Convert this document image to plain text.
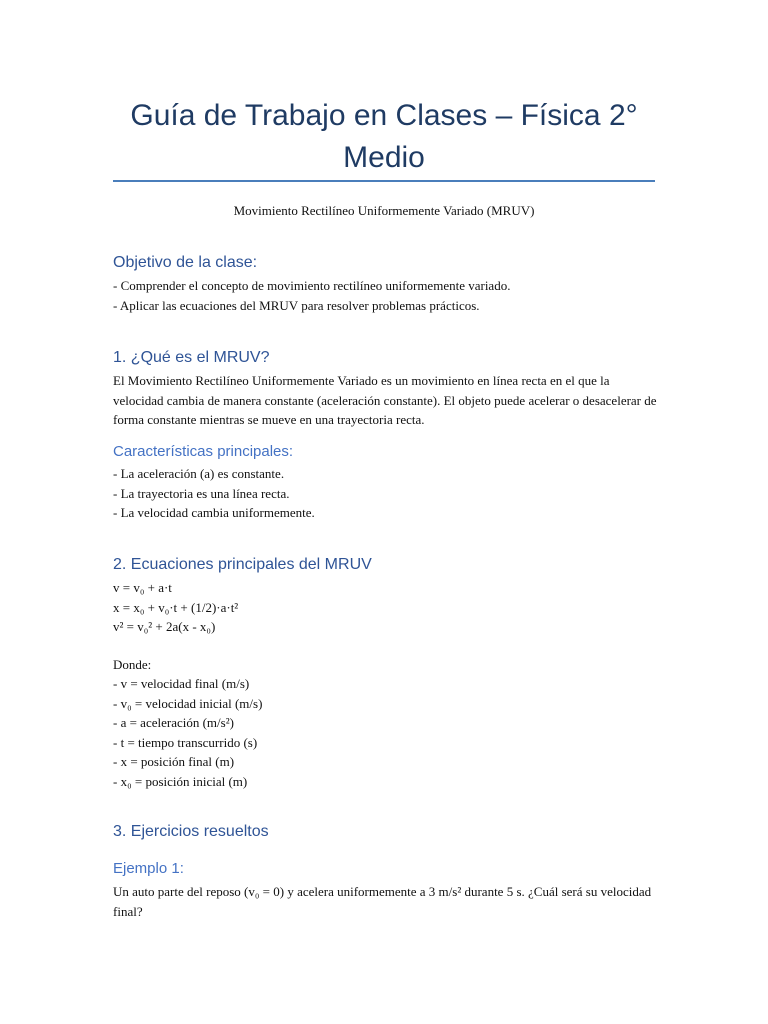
Guía de Trabajo en Clases – Física 2° Medio
Movimiento Rectilíneo Uniformemente Variado (MRUV)
Objetivo de la clase:
- Comprender el concepto de movimiento rectilíneo uniformemente variado.
- Aplicar las ecuaciones del MRUV para resolver problemas prácticos.
1. ¿Qué es el MRUV?
El Movimiento Rectilíneo Uniformemente Variado es un movimiento en línea recta en el que la velocidad cambia de manera constante (aceleración constante). El objeto puede acelerar o desacelerar de forma constante mientras se mueve en una trayectoria recta.
Características principales:
- La aceleración (a) es constante.
- La trayectoria es una línea recta.
- La velocidad cambia uniformemente.
2. Ecuaciones principales del MRUV
v = v₀ + a·t
x = x₀ + v₀·t + (1/2)·a·t²
v² = v₀² + 2a(x - x₀)
Donde:
- v = velocidad final (m/s)
- v₀ = velocidad inicial (m/s)
- a = aceleración (m/s²)
- t = tiempo transcurrido (s)
- x = posición final (m)
- x₀ = posición inicial (m)
3. Ejercicios resueltos
Ejemplo 1:
Un auto parte del reposo (v₀ = 0) y acelera uniformemente a 3 m/s² durante 5 s. ¿Cuál será su velocidad final?
